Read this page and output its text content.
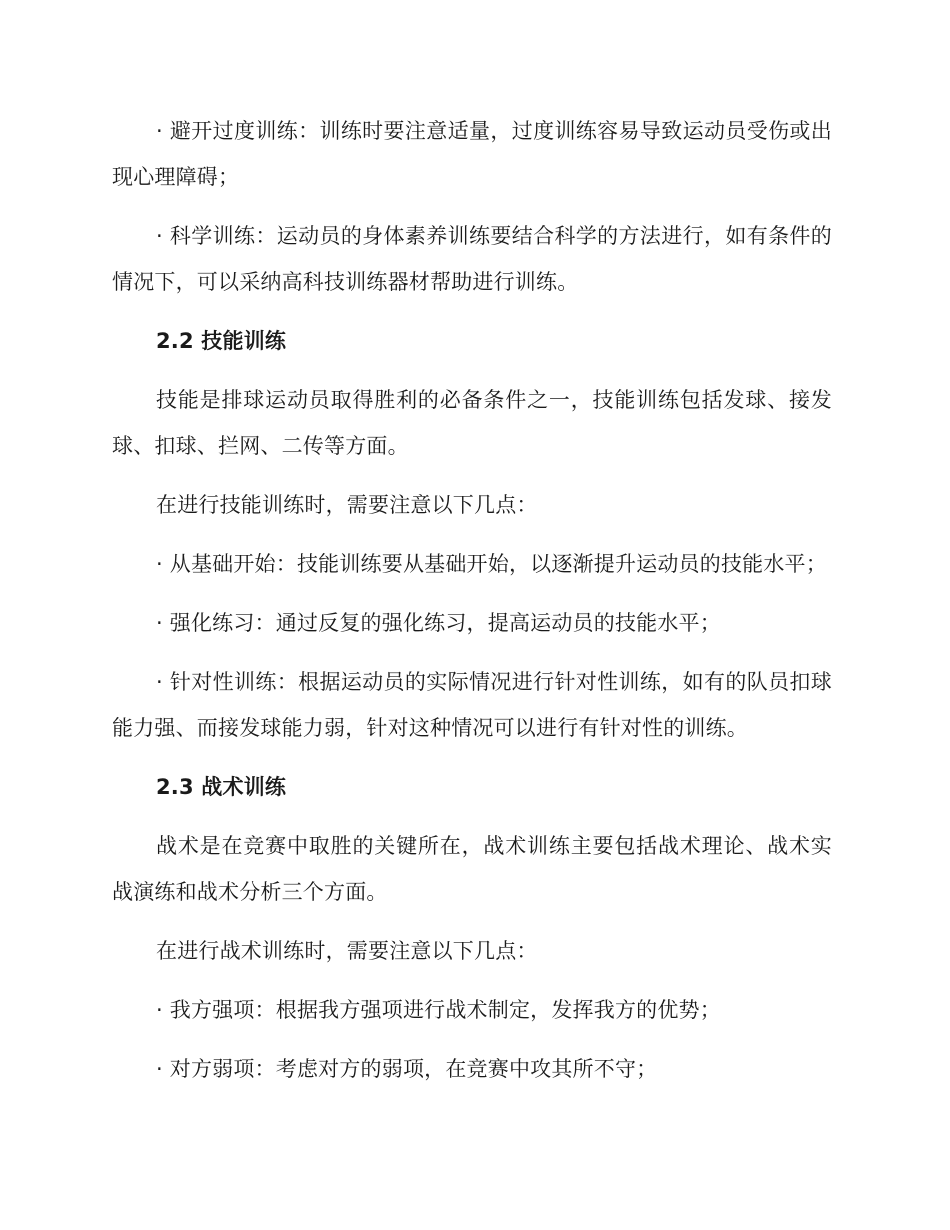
· 避开过度训练：训练时要注意适量，过度训练容易导致运动员受伤或出现心理障碍；

· 科学训练：运动员的身体素养训练要结合科学的方法进行，如有条件的情况下，可以采纳高科技训练器材帮助进行训练。

2.2 技能训练

技能是排球运动员取得胜利的必备条件之一，技能训练包括发球、接发球、扣球、拦网、二传等方面。

在进行技能训练时，需要注意以下几点：

· 从基础开始：技能训练要从基础开始，以逐渐提升运动员的技能水平；

· 强化练习：通过反复的强化练习，提高运动员的技能水平；

· 针对性训练：根据运动员的实际情况进行针对性训练，如有的队员扣球能力强、而接发球能力弱，针对这种情况可以进行有针对性的训练。

2.3 战术训练

战术是在竞赛中取胜的关键所在，战术训练主要包括战术理论、战术实战演练和战术分析三个方面。

在进行战术训练时，需要注意以下几点：

· 我方强项：根据我方强项进行战术制定，发挥我方的优势；

· 对方弱项：考虑对方的弱项，在竞赛中攻其所不守；
